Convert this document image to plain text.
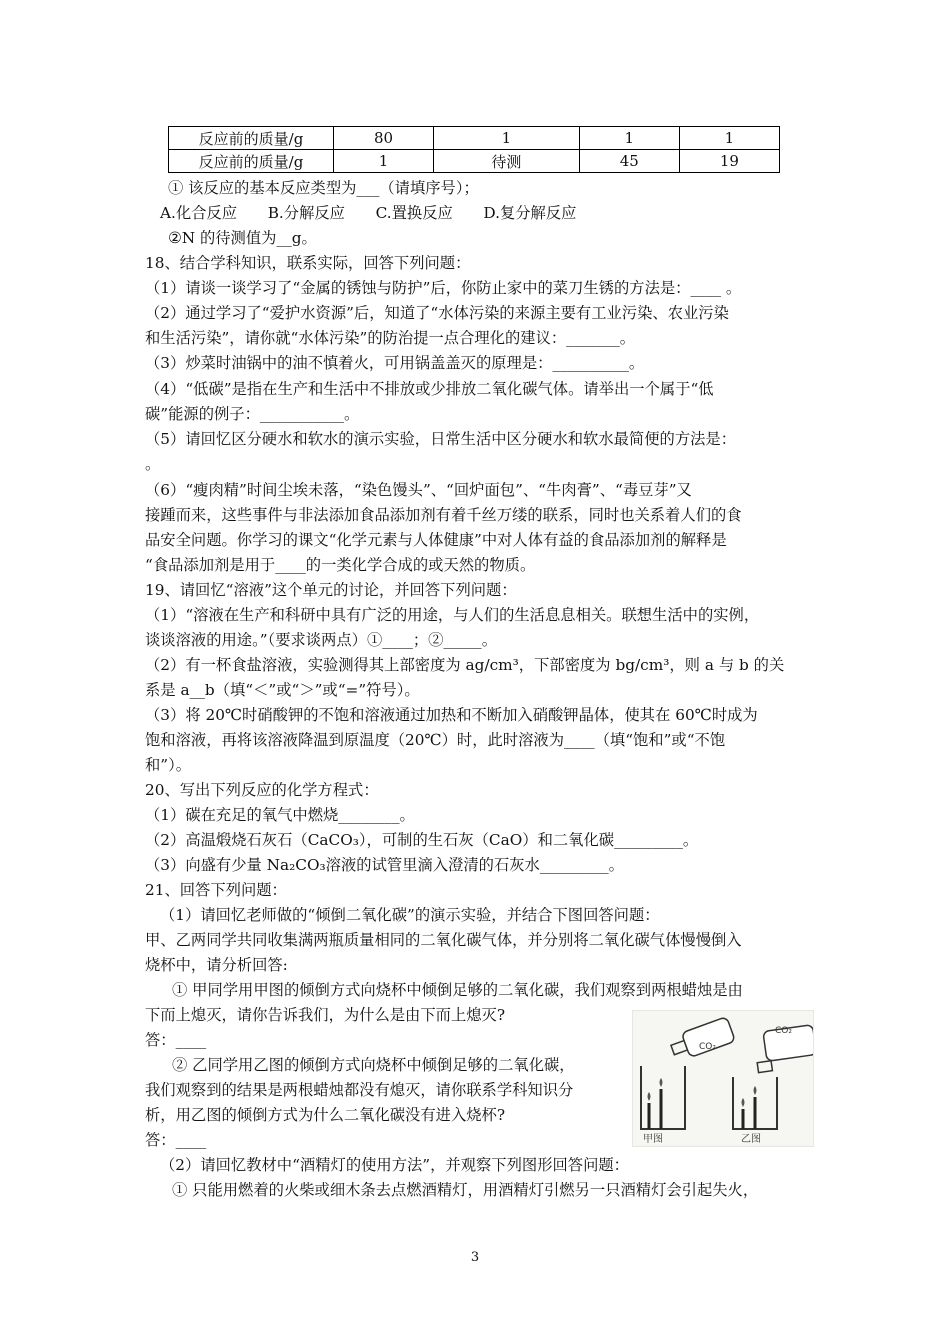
反应前的质量/g	80	1	1	1
反应前的质量/g	1	待测	45	19
① 该反应的基本反应类型为___（请填序号）；
A.化合反应　　B.分解反应　　C.置换反应　　D.复分解反应
②N 的待测值为__g。
18、结合学科知识，联系实际，回答下列问题：
（1）请谈一谈学习了“金属的锈蚀与防护”后，你防止家中的菜刀生锈的方法是：____ 。
（2）通过学习了“爱护水资源”后，知道了“水体污染的来源主要有工业污染、农业污染
和生活污染”，请你就“水体污染”的防治提一点合理化的建议：_______。
（3）炒菜时油锅中的油不慎着火，可用锅盖盖灭的原理是：__________。
（4）“低碳”是指在生产和生活中不排放或少排放二氧化碳气体。请举出一个属于“低
碳”能源的例子：___________。
（5）请回忆区分硬水和软水的演示实验，日常生活中区分硬水和软水最简便的方法是：
。
（6）“瘦肉精”时间尘埃未落，“染色馒头”、“回炉面包”、“牛肉膏”、“毒豆芽”又
接踵而来，这些事件与非法添加食品添加剂有着千丝万缕的联系，同时也关系着人们的食
品安全问题。你学习的课文“化学元素与人体健康”中对人体有益的食品添加剂的解释是
“食品添加剂是用于____的一类化学合成的或天然的物质。
19、请回忆“溶液”这个单元的讨论，并回答下列问题：
（1）“溶液在生产和科研中具有广泛的用途，与人们的生活息息相关。联想生活中的实例，
谈谈溶液的用途。”（要求谈两点）①____；②_____。
（2）有一杯食盐溶液，实验测得其上部密度为 ag/cm³，下部密度为 bg/cm³，则 a 与 b 的关
系是 a__b（填“＜”或“＞”或“=”符号）。
（3）将 20℃时硝酸钾的不饱和溶液通过加热和不断加入硝酸钾晶体，使其在 60℃时成为
饱和溶液，再将该溶液降温到原温度（20℃）时，此时溶液为____（填“饱和”或“不饱
和”）。
20、写出下列反应的化学方程式：
（1）碳在充足的氧气中燃烧________。
（2）高温煅烧石灰石（CaCO₃），可制的生石灰（CaO）和二氧化碳_________。
（3）向盛有少量 Na₂CO₃溶液的试管里滴入澄清的石灰水_________。
21、回答下列问题：
（1）请回忆老师做的“倾倒二氧化碳”的演示实验，并结合下图回答问题：
甲、乙两同学共同收集满两瓶质量相同的二氧化碳气体，并分别将二氧化碳气体慢慢倒入
烧杯中，请分析回答:
① 甲同学用甲图的倾倒方式向烧杯中倾倒足够的二氧化碳，我们观察到两根蜡烛是由
下而上熄灭，请你告诉我们，为什么是由下而上熄灭?
答：____
② 乙同学用乙图的倾倒方式向烧杯中倾倒足够的二氧化碳，
我们观察到的结果是两根蜡烛都没有熄灭，请你联系学科知识分
析，用乙图的倾倒方式为什么二氧化碳没有进入烧杯?
答：____
（2）请回忆教材中“酒精灯的使用方法”，并观察下列图形回答问题：
① 只能用燃着的火柴或细木条去点燃酒精灯，用酒精灯引燃另一只酒精灯会引起失火，
CO₂
CO₂
甲图	乙图
3
